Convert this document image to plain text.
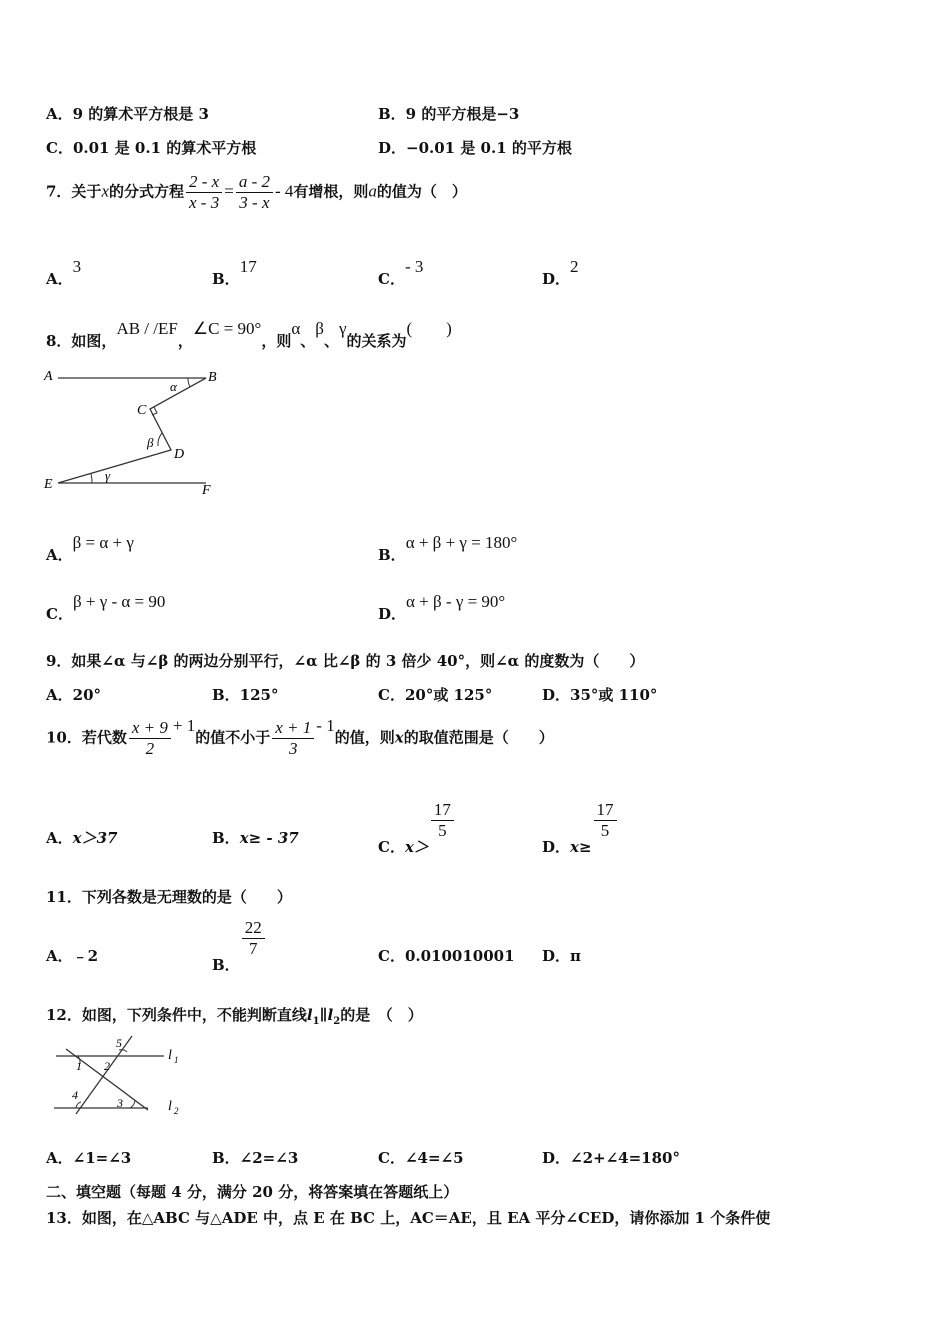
A．9 的算术平方根是 3	B．9 的平方根是−3
C．0.01 是 0.1 的算术平方根	D．−0.01 是 0.1 的平方根
7．关于x的分式方程 $\frac{2 - x}{x - 3} = \frac{a - 2}{3 - x} - 4$有增根，则a的值为（　）
A．3
B．17
C．- 3
D．2
8．如图，AB / /EF，∠C = 90°，则α、β、γ的关系为(　　)
A	B
C
D
E	F
α
β
γ
A．β = α + γ
B．α + β + γ = 180°
C．β + γ - α = 90
D．α + β - γ = 90°
9．如果∠α 与∠β 的两边分别平行，∠α 比∠β 的 3 倍少 40°，则∠α 的度数为（　　）
A．20°	B．125°	C．20°或 125°	D．35°或 110°
10．若代数 $\frac{x + 9}{2} + 1$的值不小于 $\frac{x + 1}{3} - 1$的值，则x的取值范围是（　　）
A．x＞37	B．x≥ - 37	C．x＞
$\frac{17}{5}$
D．x≥
$\frac{17}{5}$
11．下列各数是无理数的是（　　）
A．﹣2	B．
$\frac{22}{7}$	C．0.010010001 D．π
12．如图，下列条件中，不能判断直线$l_1\parallel l_2$的是　（　）
1 2
3
4
5
l 1
l 2
A．∠1=∠3	B．∠2=∠3	C．∠4=∠5	D．∠2+∠4=180°
二、填空题（每题 4 分，满分 20 分，将答案填在答题纸上）
13．如图，在△ABC 与△ADE 中，点 E 在 BC 上，AC＝AE，且 EA 平分∠CED，请你添加 1 个条件使
